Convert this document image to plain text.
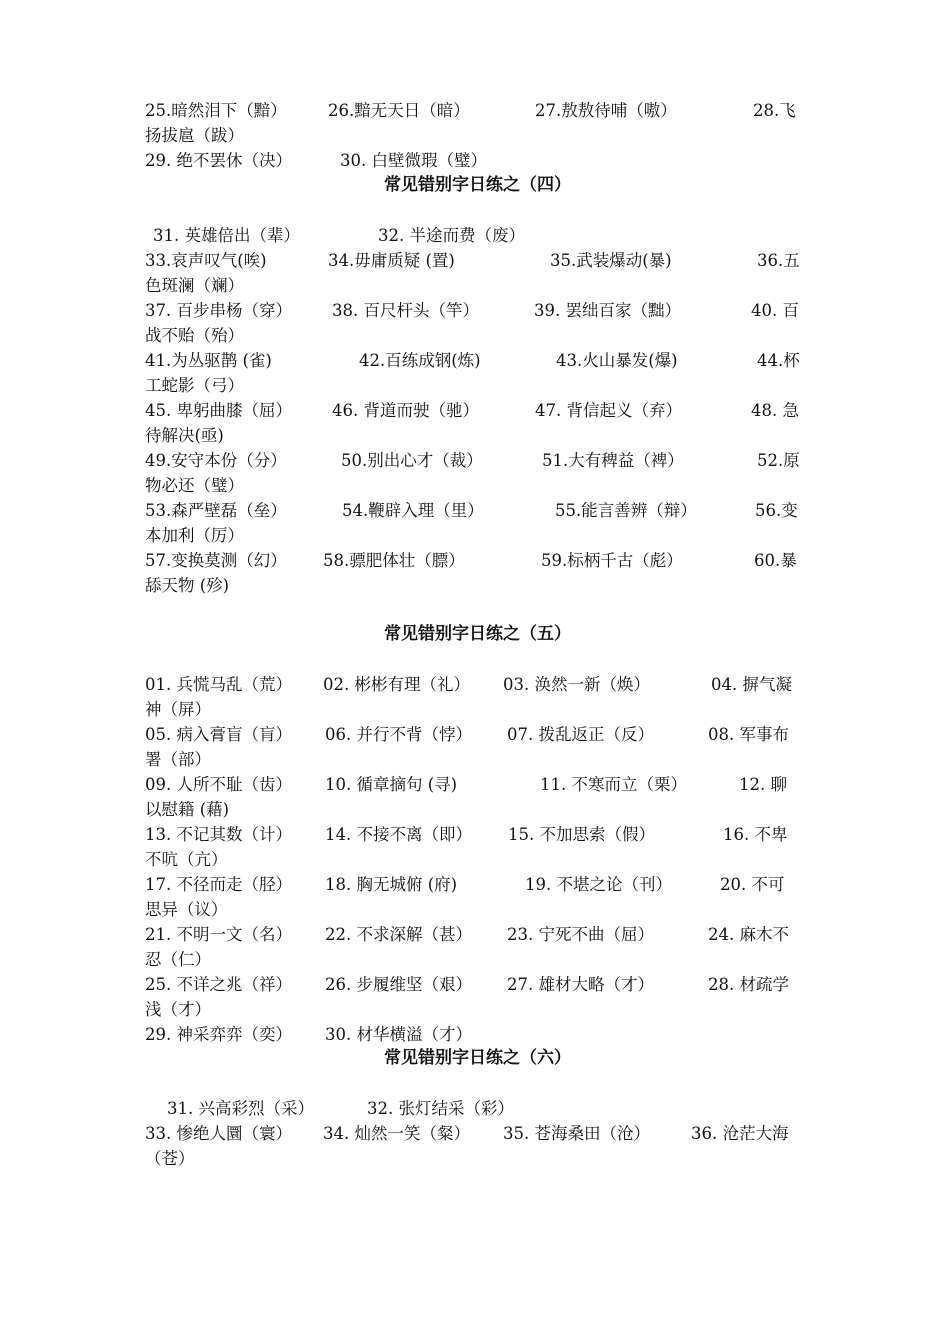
25.暗然泪下（黯）	26.黯无天日（暗）	27.敖敖待哺（嗷）	28.飞
扬拔扈（跋）
29. 绝不罢休（决）	30. 白壁微瑕（璧）
常见错别字日练之（四）
31. 英雄倍出（辈）	32. 半途而费（废）
33.哀声叹气(唉)	34.毋庸质疑 (置)	35.武装爆动(暴)	36.五
色斑澜（斓）
37. 百步串杨（穿） 38. 百尺杆头（竿）	39. 罢绌百家（黜）	40. 百
战不贻（殆）
41.为丛驱鹊 (雀)	42.百练成钢(炼)	43.火山暴发(爆)	44.杯
工蛇影（弓）
45. 卑躬曲膝（屈） 46. 背道而驶（驰）	47. 背信起义（弃）	48. 急
待解决(亟)
49.安守本份（分）	50.别出心才（裁）	51.大有稗益（裨）	52.原
物必还（璧）
53.森严壁磊（垒）	54.鞭辟入理（里）	55.能言善辨（辩）	56.变
本加利（厉）
57.变换莫测（幻） 58.骠肥体壮（膘）	59.标柄千古（彪）	60.暴
舔天物 (殄)
常见错别字日练之（五）
01. 兵慌马乱（荒） 02. 彬彬有理（礼） 03. 涣然一新（焕）	04. 摒气凝
神（屏）
05. 病入膏盲（肓） 06. 并行不背（悖） 07. 拨乱返正（反）	08. 军事布
署（部）
09. 人所不耻（齿） 10. 循章摘句 (寻)	11. 不寒而立（栗）	12. 聊
以慰籍 (藉)
13. 不记其数（计） 14. 不接不离（即） 15. 不加思索（假）	16. 不卑
不吭（亢）
17. 不径而走（胫） 18. 胸无城俯 (府)	19. 不堪之论（刊）	20. 不可
思异（议）
21. 不明一文（名） 22. 不求深解（甚） 23. 宁死不曲（屈）	24. 麻木不
忍（仁）
25. 不详之兆（祥） 26. 步履维坚（艰） 27. 雄材大略（才）	28. 材疏学
浅（才）
29. 神采弈弈（奕） 30. 材华横溢（才）
常见错别字日练之（六）
31. 兴高彩烈（采）	32. 张灯结采（彩）
33. 惨绝人圜（寰） 34. 灿然一笑（粲） 35. 苍海桑田（沧） 36. 沧茫大海
（苍）
